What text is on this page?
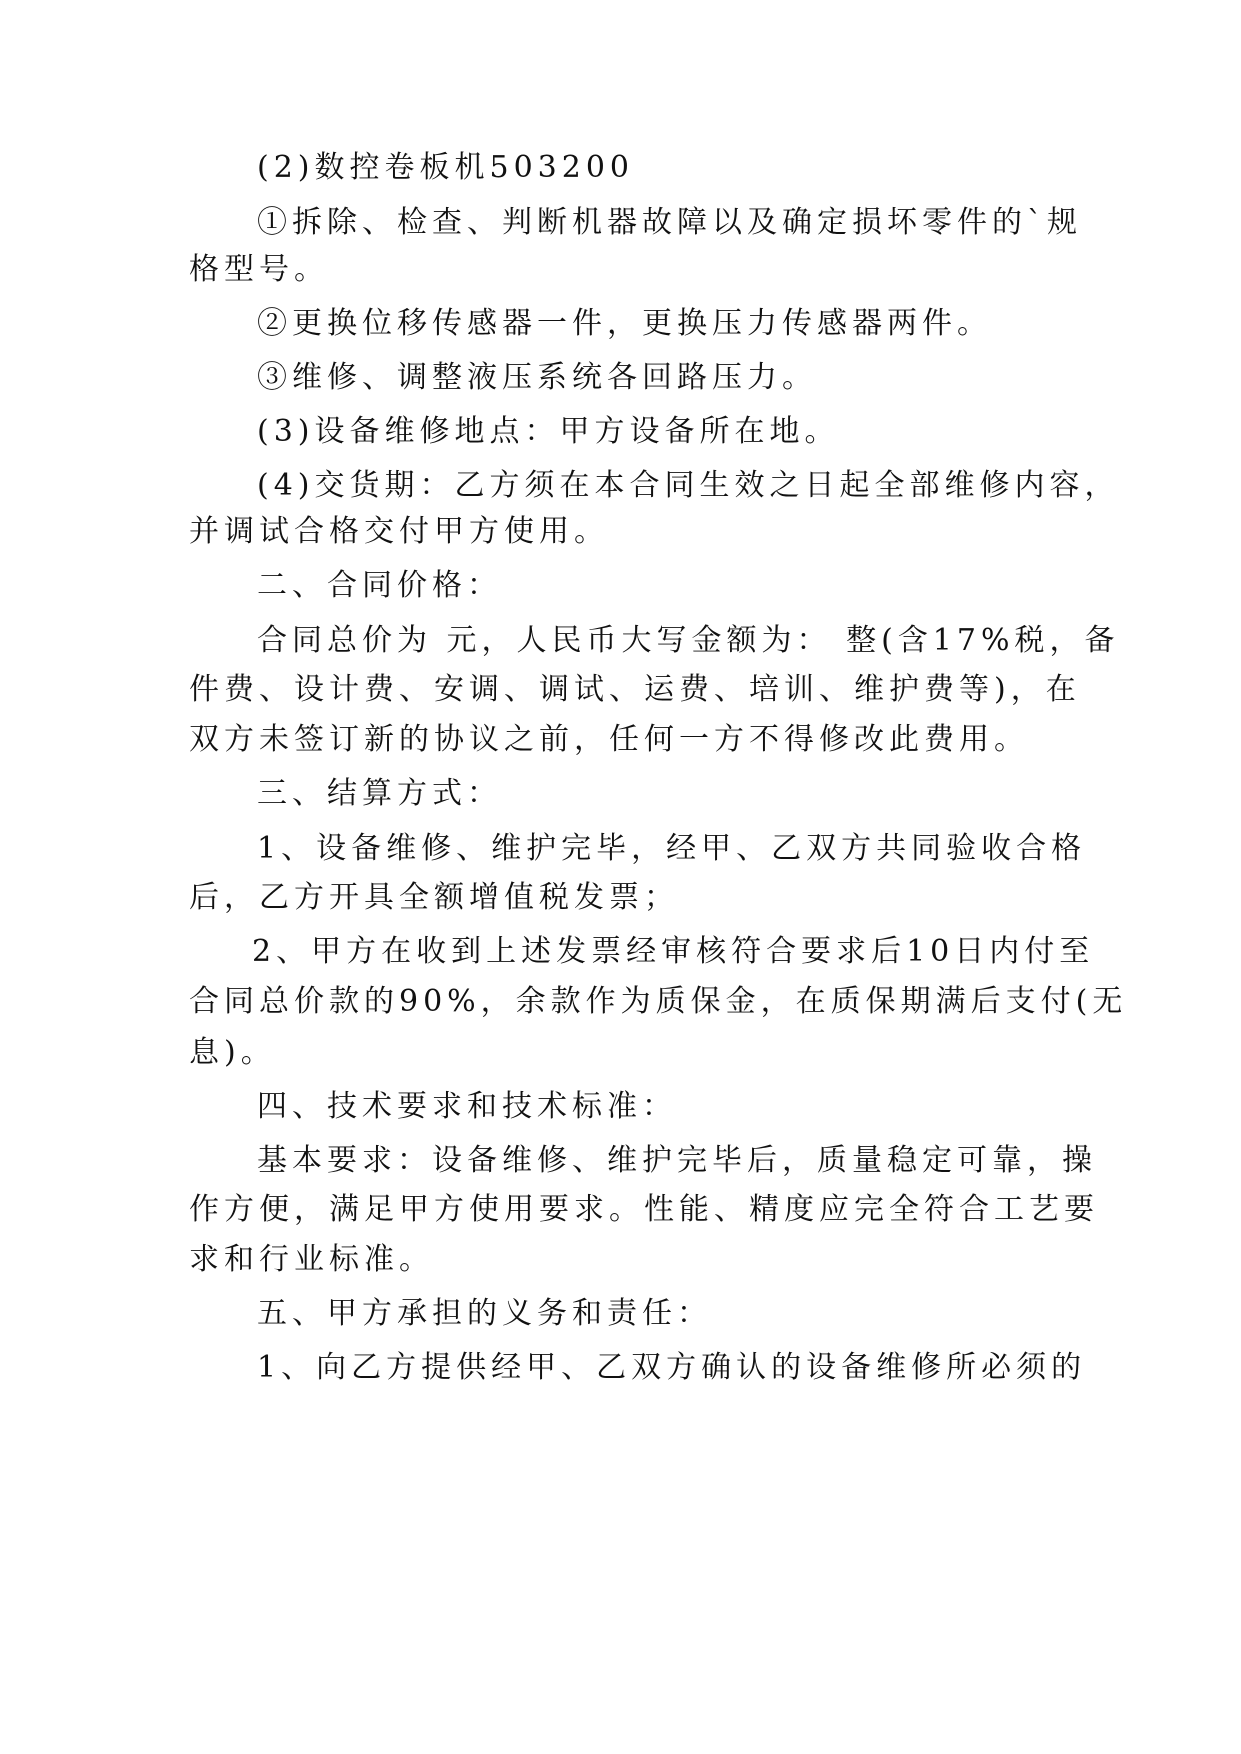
(2)数控卷板机503200
①拆除、检查、判断机器故障以及确定损坏零件的`规
格型号。
②更换位移传感器一件，更换压力传感器两件。
③维修、调整液压系统各回路压力。
(3)设备维修地点：甲方设备所在地。
(4)交货期：乙方须在本合同生效之日起全部维修内容，
并调试合格交付甲方使用。
二、合同价格：
合同总价为 元，人民币大写金额为： 整(含17%税，备
件费、设计费、安调、调试、运费、培训、维护费等)，在
双方未签订新的协议之前，任何一方不得修改此费用。
三、结算方式：
1、设备维修、维护完毕，经甲、乙双方共同验收合格
后，乙方开具全额增值税发票；
2、甲方在收到上述发票经审核符合要求后10日内付至
合同总价款的90%，余款作为质保金，在质保期满后支付(无
息)。
四、技术要求和技术标准：
基本要求：设备维修、维护完毕后，质量稳定可靠，操
作方便，满足甲方使用要求。性能、精度应完全符合工艺要
求和行业标准。
五、甲方承担的义务和责任：
1、向乙方提供经甲、乙双方确认的设备维修所必须的
